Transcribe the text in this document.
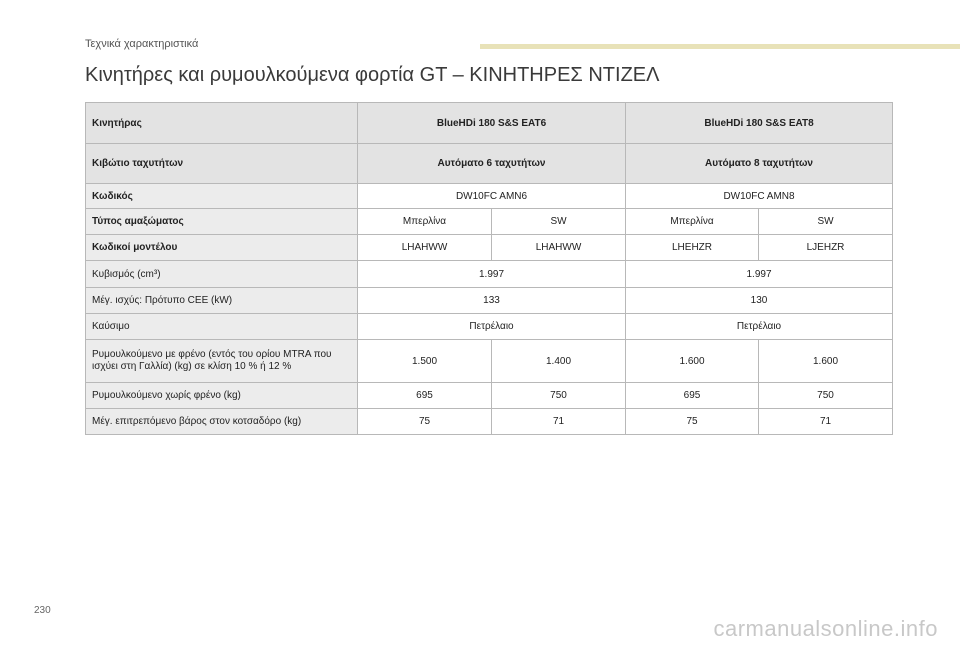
Τεχνικά χαρακτηριστικά
Κινητήρες και ρυμουλκούμενα φορτία GT – ΚΙΝΗΤΗΡΕΣ ΝΤΙΖΕΛ
Κινητήρας	BlueHDi 180 S&S EAT6		BlueHDi 180 S&S EAT8	
Κιβώτιο ταχυτήτων	Αυτόματο 6 ταχυτήτων		Αυτόματο 8 ταχυτήτων	
Κωδικός	DW10FC AMN6		DW10FC AMN8	
Τύπος αμαξώματος	Μπερλίνα	SW	Μπερλίνα	SW
Κωδικοί μοντέλου	LHAHWW	LHAHWW	LHEHZR	LJEHZR
Κυβισμός (cm³)	1.997		1.997	
Μέγ. ισχύς: Πρότυπο CEE (kW)	133		130	
Καύσιμο	Πετρέλαιο		Πετρέλαιο	
Ρυμουλκούμενο με φρένο (εντός του ορίου MTRA που ισχύει στη Γαλλία) (kg) σε κλίση 10 % ή 12 %	1.500	1.400	1.600	1.600
Ρυμουλκούμενο χωρίς φρένο (kg)	695	750	695	750
Μέγ. επιτρεπόμενο βάρος στον κοτσαδόρο (kg)	75	71	75	71
230
carmanualsonline.info
